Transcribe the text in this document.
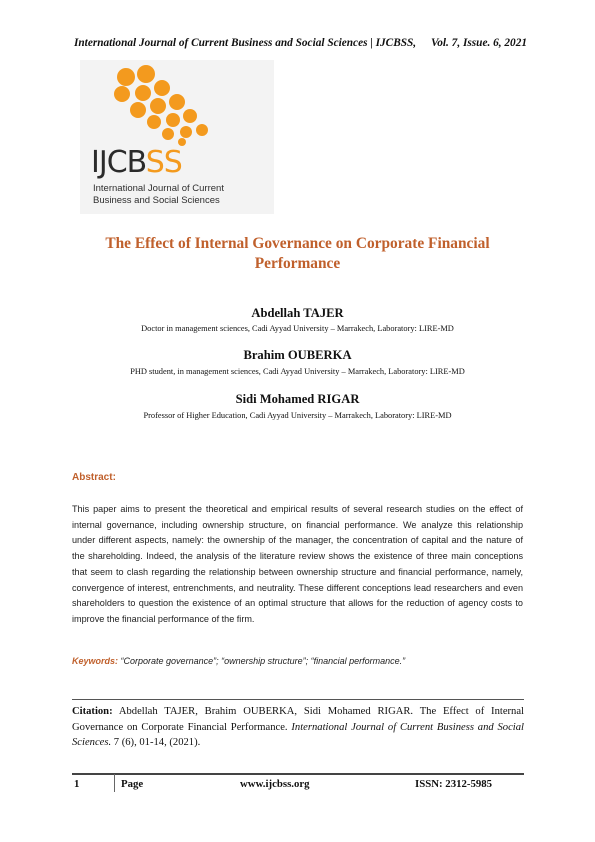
International Journal of Current Business and Social Sciences | IJCBSS, Vol. 7, Issue. 6, 2021
IJCBSS
International Journal of Current
Business and Social Sciences
The Effect of Internal Governance on Corporate Financial
Performance
Abdellah TAJER
Doctor in management sciences, Cadi Ayyad University – Marrakech, Laboratory: LIRE-MD
Brahim OUBERKA
PHD student, in management sciences, Cadi Ayyad University – Marrakech, Laboratory: LIRE-MD
Sidi Mohamed RIGAR
Professor of Higher Education, Cadi Ayyad University – Marrakech, Laboratory: LIRE-MD
Abstract:
This paper aims to present the theoretical and empirical results of several research studies on the effect of internal governance, including ownership structure, on financial performance. We analyze this relationship under different aspects, namely: the ownership of the manager, the concentration of capital and the nature of the shareholding. Indeed, the analysis of the literature review shows the existence of three main conceptions that seem to clash regarding the relationship between ownership structure and financial performance, namely, convergence of interest, entrenchments, and neutrality. These different conceptions lead researchers and even shareholders to question the existence of an optimal structure that allows for the reduction of agency costs to improve the financial performance of the firm.
Keywords: “Corporate governance”; “ownership structure”; “financial performance.”
Citation: Abdellah TAJER, Brahim OUBERKA, Sidi Mohamed RIGAR. The Effect of Internal Governance on Corporate Financial Performance. International Journal of Current Business and Social Sciences. 7 (6), 01-14, (2021).
1	Page	www.ijcbss.org	ISSN: 2312-5985
